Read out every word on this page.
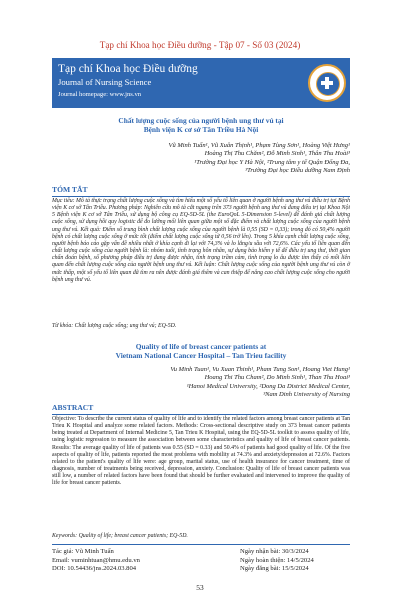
Tạp chí Khoa học Điều dưỡng - Tập 07 - Số 03 (2024)
Tạp chí Khoa học Điều dưỡng
Journal of Nursing Science
Journal homepage: www.jns.vn
Chất lượng cuộc sống của người bệnh ung thư vú tại
Bệnh viện K cơ sở Tân Triều Hà Nội
Vũ Minh Tuấn¹, Vũ Xuân Thịnh¹, Phạm Tùng Sơn¹, Hoàng Việt Hưng¹
Hoàng Thị Thu Chăm², Đỗ Minh Sinh¹, Thân Thu Hoài³
¹Trường Đại học Y Hà Nội, ²Trung tâm y tế Quận Đống Đa,
³Trường Đại học Điều dưỡng Nam Định
TÓM TẮT
Mục tiêu: Mô tả thực trạng chất lượng cuộc sống và tìm hiểu một số yếu tố liên quan ở người bệnh ung thư vú điều trị tại Bệnh viện K cơ sở Tân Triều. Phương pháp: Nghiên cứu mô tả cắt ngang trên 373 người bệnh ung thư vú đang điều trị tại Khoa Nội 5 Bệnh viện K cơ sở Tân Triều, sử dụng bộ công cụ EQ-5D-5L (the EuroQoL 5-Dimension 5-level) để đánh giá chất lượng cuộc sống, sử dụng hồi quy logistic để đo lường mối liên quan giữa một số đặc điểm và chất lượng cuộc sống của người bệnh ung thư vú. Kết quả: Điểm số trung bình chất lượng cuộc sống của người bệnh là 0,55 (SD = 0,33); trong đó có 50,4% người bệnh có chất lượng cuộc sống ở mức tốt (điểm chất lượng cuộc sống từ 0,56 trở lên). Trong 5 khía cạnh chất lượng cuộc sống, người bệnh báo cáo gặp vấn đề nhiều nhất ở khía cạnh đi lại với 74,3% và lo lắng/u sầu với 72,6%. Các yếu tố liên quan đến chất lượng cuộc sống của người bệnh là: nhóm tuổi, tình trạng hôn nhân, sự dụng bảo hiểm y tế để điều trị ung thư, thời gian chẩn đoán bệnh, số phương pháp điều trị đang được nhận, tình trạng trầm cảm, tình trạng lo âu được tìm thấy có mối liên quan đến chất lượng cuộc sống của người bệnh ung thư vú. Kết luận: Chất lượng cuộc sống của người bệnh ung thư vú còn ở mức thấp, một số yếu tố liên quan đã tìm ra nên được đánh giá thêm và can thiệp để nâng cao chất lượng cuộc sống cho người bệnh ung thư vú.
Từ khóa: Chất lượng cuộc sống; ung thư vú; EQ-5D.
Quality of life of breast cancer patients at
Vietnam National Cancer Hospital – Tan Trieu facility
Vu Minh Tuan¹, Vu Xuan Thinh¹, Pham Tung Son¹, Hoang Viet Hung¹
Hoang Thi Thu Cham², Do Minh Sinh¹, Than Thu Hoai³
¹Hanoi Medical University, ²Dong Da District Medical Center,
³Nam Dinh University of Nursing
ABSTRACT
Objective: To describe the current status of quality of life and to identify the related factors among breast cancer patients at Tan Trieu K Hospital and analyze some related factors. Methods: Cross-sectional descriptive study on 373 breast cancer patients being treated at Department of Internal Medicine 5, Tan Trieu K Hospital, using the EQ-5D-5L toolkit to assess quality of life, using logistic regression to measure the association between some characteristics and quality of life of breast cancer patients. Results: The average quality of life of patients was 0.55 (SD = 0.33) and 50.4% of patients had good quality of life. Of the five aspects of quality of life, patients reported the most problems with mobility at 74.3% and anxiety/depression at 72.6%. Factors related to the patient's quality of life were: age group, marital status, use of health insurance for cancer treatment, time of diagnosis, number of treatments being received, depression, anxiety. Conclusion: Quality of life of breast cancer patients was still low, a number of related factors have been found that should be further evaluated and intervened to improve the quality of life for breast cancer patients.
Keywords: Quality of life; breast cancer patients; EQ-5D.
Tác giả: Vũ Minh Tuấn
Email: vuminhtuan@hmu.edu.vn
DOI: 10.54436/jns.2024.03.804
Ngày nhận bài: 30/3/2024
Ngày hoàn thiện: 14/5/2024
Ngày đăng bài: 15/5/2024
53
